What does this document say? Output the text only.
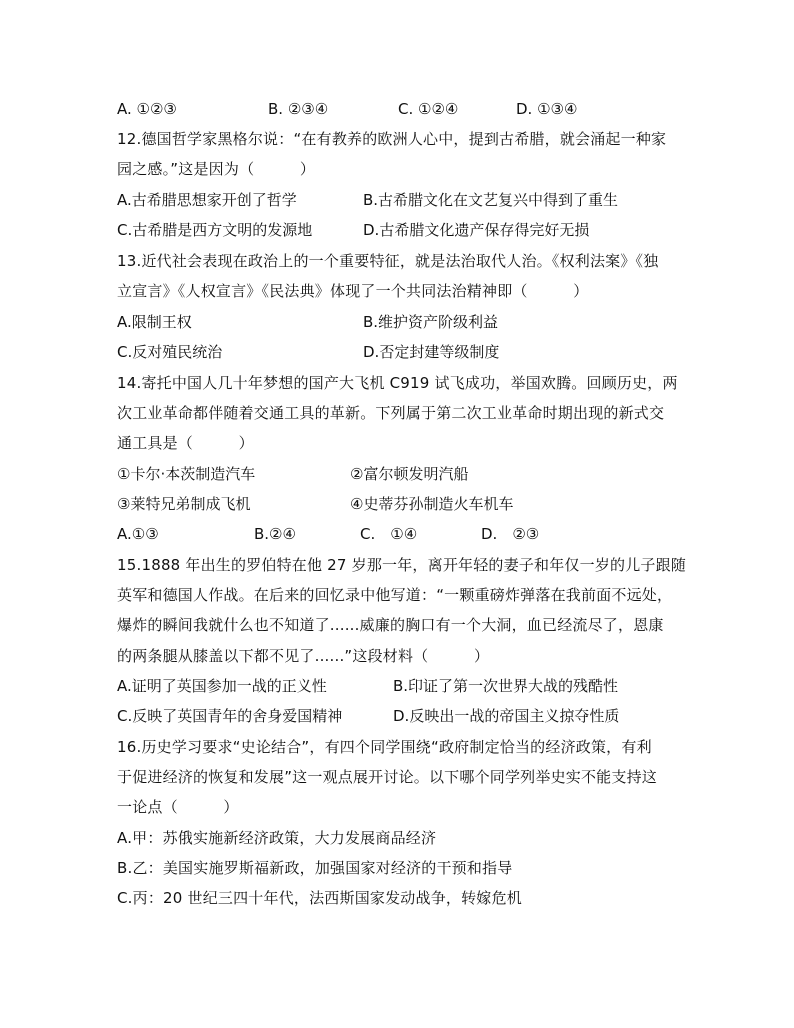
A. ①②③	B. ②③④	C. ①②④	D. ①③④
12.德国哲学家黑格尔说：“在有教养的欧洲人心中，提到古希腊，就会涌起一种家
园之感。”这是因为（　　　）
A.古希腊思想家开创了哲学	B.古希腊文化在文艺复兴中得到了重生
C.古希腊是西方文明的发源地	D.古希腊文化遗产保存得完好无损
13.近代社会表现在政治上的一个重要特征，就是法治取代人治。《权利法案》《独
立宣言》《人权宣言》《民法典》体现了一个共同法治精神即（　　　）
A.限制王权	B.维护资产阶级利益
C.反对殖民统治	D.否定封建等级制度
14.寄托中国人几十年梦想的国产大飞机 C919 试飞成功，举国欢腾。回顾历史，两
次工业革命都伴随着交通工具的革新。下列属于第二次工业革命时期出现的新式交
通工具是（　　　）
①卡尔·本茨制造汽车	②富尔顿发明汽船
③莱特兄弟制成飞机	④史蒂芬孙制造火车机车
A.①③	B.②④	C.　①④	D.　②③
15.1888 年出生的罗伯特在他 27 岁那一年，离开年轻的妻子和年仅一岁的儿子跟随
英军和德国人作战。在后来的回忆录中他写道：“一颗重磅炸弹落在我前面不远处，
爆炸的瞬间我就什么也不知道了......威廉的胸口有一个大洞，血已经流尽了，恩康
的两条腿从膝盖以下都不见了......”这段材料（　　　）
A.证明了英国参加一战的正义性	B.印证了第一次世界大战的残酷性
C.反映了英国青年的舍身爱国精神	D.反映出一战的帝国主义掠夺性质
16.历史学习要求“史论结合”，有四个同学围绕“政府制定恰当的经济政策，有利
于促进经济的恢复和发展”这一观点展开讨论。以下哪个同学列举史实不能支持这
一论点（　　　）
A.甲：苏俄实施新经济政策，大力发展商品经济
B.乙：美国实施罗斯福新政，加强国家对经济的干预和指导
C.丙：20 世纪三四十年代，法西斯国家发动战争，转嫁危机
